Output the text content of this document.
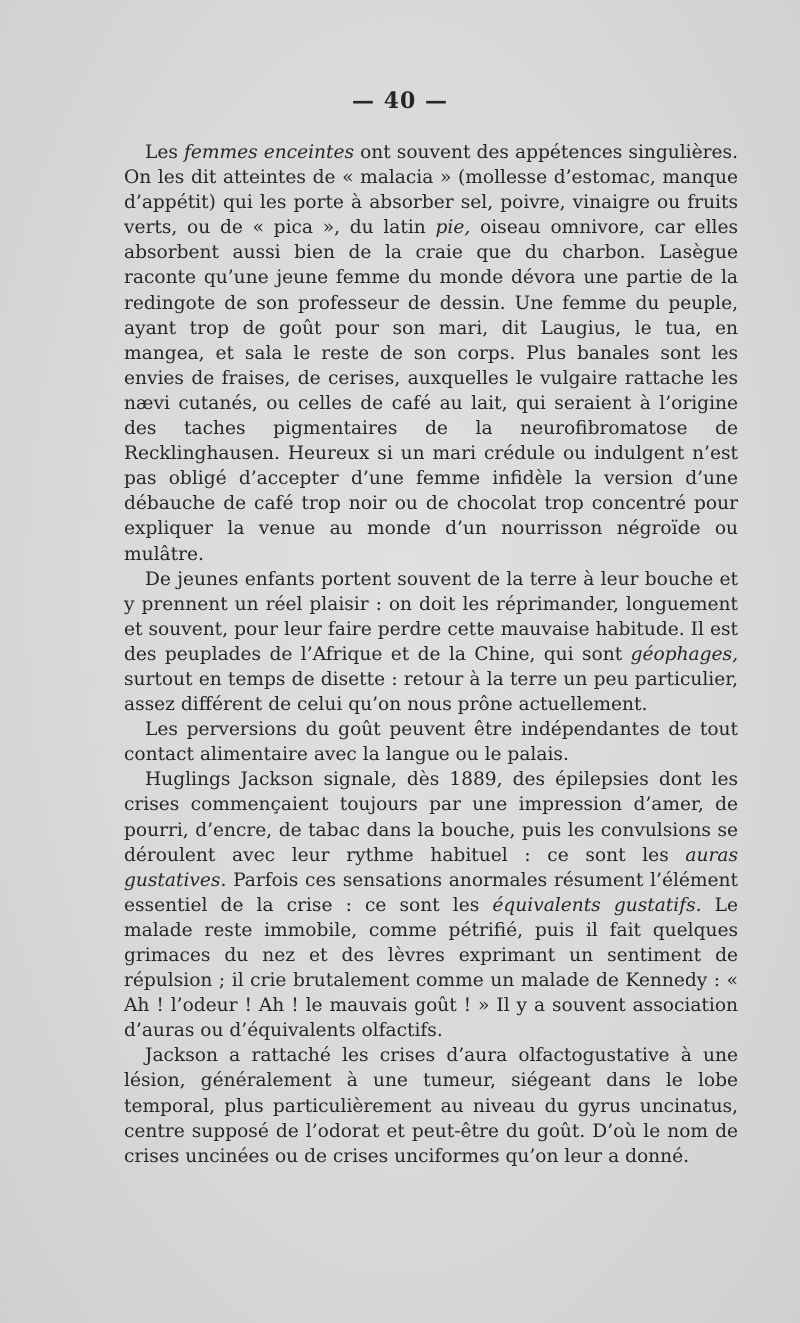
— 40 —

Les femmes enceintes ont souvent des appétences singulières. On les dit atteintes de « malacia » (mollesse d’estomac, manque d’appétit) qui les porte à absorber sel, poivre, vinaigre ou fruits verts, ou de « pica », du latin pie, oiseau omnivore, car elles absorbent aussi bien de la craie que du charbon. Lasègue raconte qu’une jeune femme du monde dévora une partie de la redingote de son professeur de dessin. Une femme du peuple, ayant trop de goût pour son mari, dit Laugius, le tua, en mangea, et sala le reste de son corps. Plus banales sont les envies de fraises, de cerises, auxquelles le vulgaire rattache les nævi cutanés, ou celles de café au lait, qui seraient à l’origine des taches pigmentaires de la neurofibromatose de Recklinghausen. Heureux si un mari crédule ou indulgent n’est pas obligé d’accepter d’une femme infidèle la version d’une débauche de café trop noir ou de chocolat trop concentré pour expliquer la venue au monde d’un nourrisson négroïde ou mulâtre.

De jeunes enfants portent souvent de la terre à leur bouche et y prennent un réel plaisir : on doit les réprimander, longuement et souvent, pour leur faire perdre cette mauvaise habitude. Il est des peuplades de l’Afrique et de la Chine, qui sont géophages, surtout en temps de disette : retour à la terre un peu particulier, assez différent de celui qu’on nous prône actuellement.

Les perversions du goût peuvent être indépendantes de tout contact alimentaire avec la langue ou le palais.

Huglings Jackson signale, dès 1889, des épilepsies dont les crises commençaient toujours par une impression d’amer, de pourri, d’encre, de tabac dans la bouche, puis les convulsions se déroulent avec leur rythme habituel : ce sont les auras gustatives. Parfois ces sensations anormales résument l’élément essentiel de la crise : ce sont les équivalents gustatifs. Le malade reste immobile, comme pétrifié, puis il fait quelques grimaces du nez et des lèvres exprimant un sentiment de répulsion ; il crie brutalement comme un malade de Kennedy : « Ah ! l’odeur ! Ah ! le mauvais goût ! » Il y a souvent association d’auras ou d’équivalents olfactifs.

Jackson a rattaché les crises d’aura olfactogustative à une lésion, généralement à une tumeur, siégeant dans le lobe temporal, plus particulièrement au niveau du gyrus uncinatus, centre supposé de l’odorat et peut-être du goût. D’où le nom de crises uncinées ou de crises unciformes qu’on leur a donné.
